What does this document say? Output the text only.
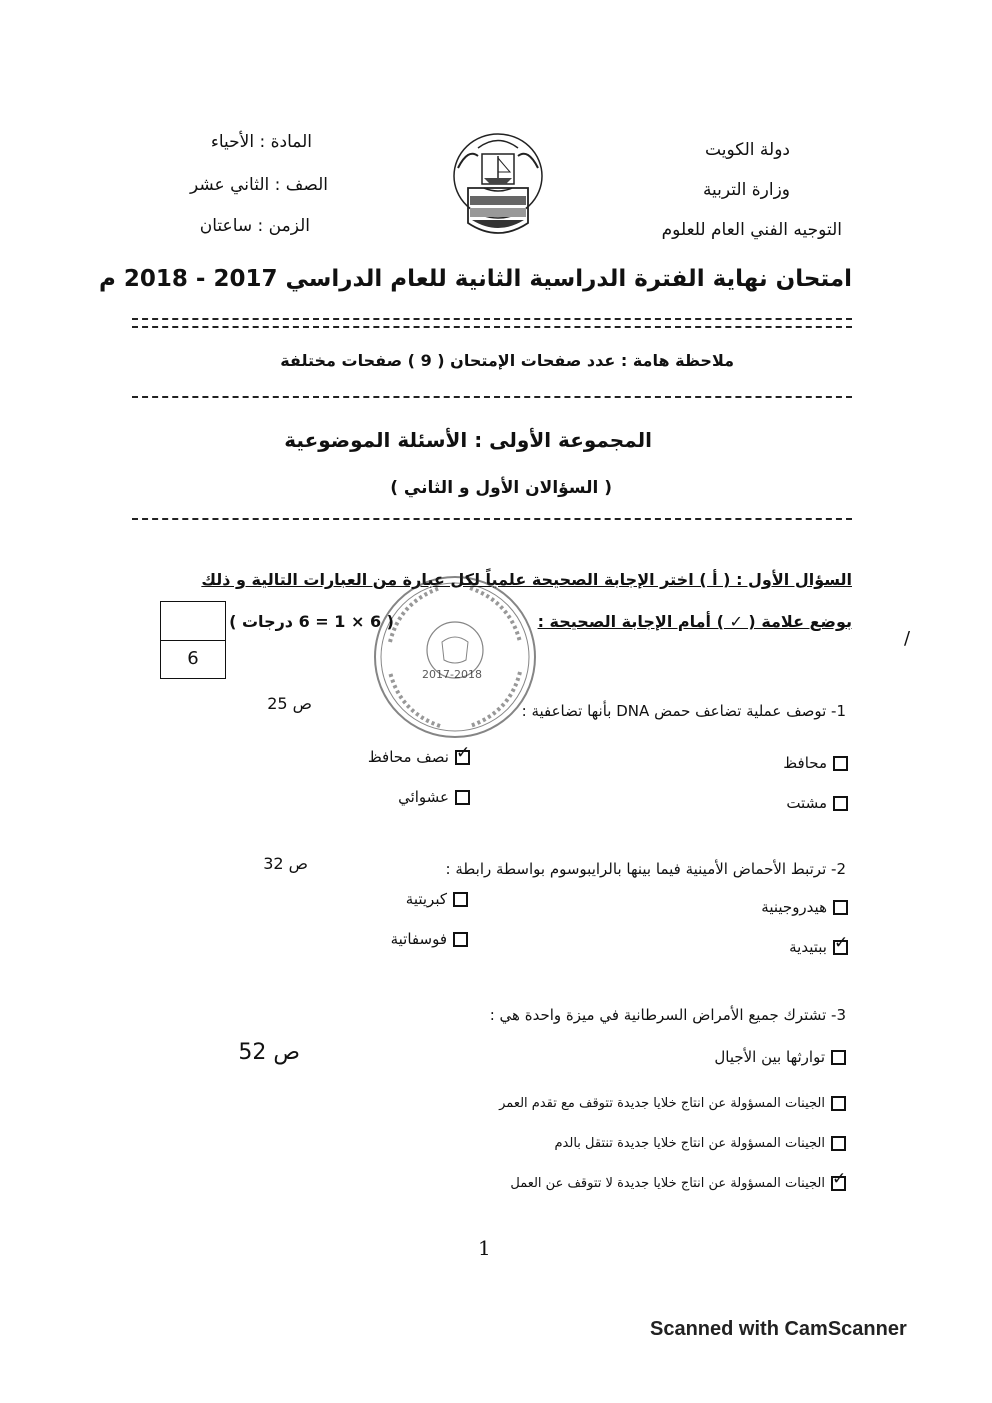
دولة الكويت
وزارة التربية
التوجيه الفني العام للعلوم
المادة : الأحياء
الصف : الثاني عشر
الزمن : ساعتان
امتحان نهاية الفترة الدراسية الثانية للعام الدراسي 2017 - 2018 م
ملاحظة هامة : عدد صفحات الإمتحان ( 9 ) صفحات مختلفة
المجموعة الأولى : الأسئلة الموضوعية
( السؤالان الأول و الثاني )
السؤال الأول : ( أ ) اختر الإجابة الصحيحة علمياً لكل عبارة من العبارات التالية و ذلك
بوضع علامة ( ✓ ) أمام الإجابة الصحيحة :
( 6 × 1 = 6 درجات )
6
2017-2018
1- توصف عملية تضاعف حمض DNA بأنها تضاعفية :
ص 25
محافظ
✓
نصف محافظ
مشتت
عشوائي
2- ترتبط الأحماض الأمينية فيما بينها بالرايبوسوم بواسطة رابطة :
ص 32
هيدروجينية
كبريتية
✓
ببتيدية
فوسفاتية
3- تشترك جميع الأمراض السرطانية في ميزة واحدة هي :
ص 52	توارثها بين الأجيال
الجينات المسؤولة عن انتاج خلايا جديدة تتوقف مع تقدم العمر
الجينات المسؤولة عن انتاج خلايا جديدة تنتقل بالدم
✓
الجينات المسؤولة عن انتاج خلايا جديدة لا تتوقف عن العمل
/
1
Scanned with CamScanner
